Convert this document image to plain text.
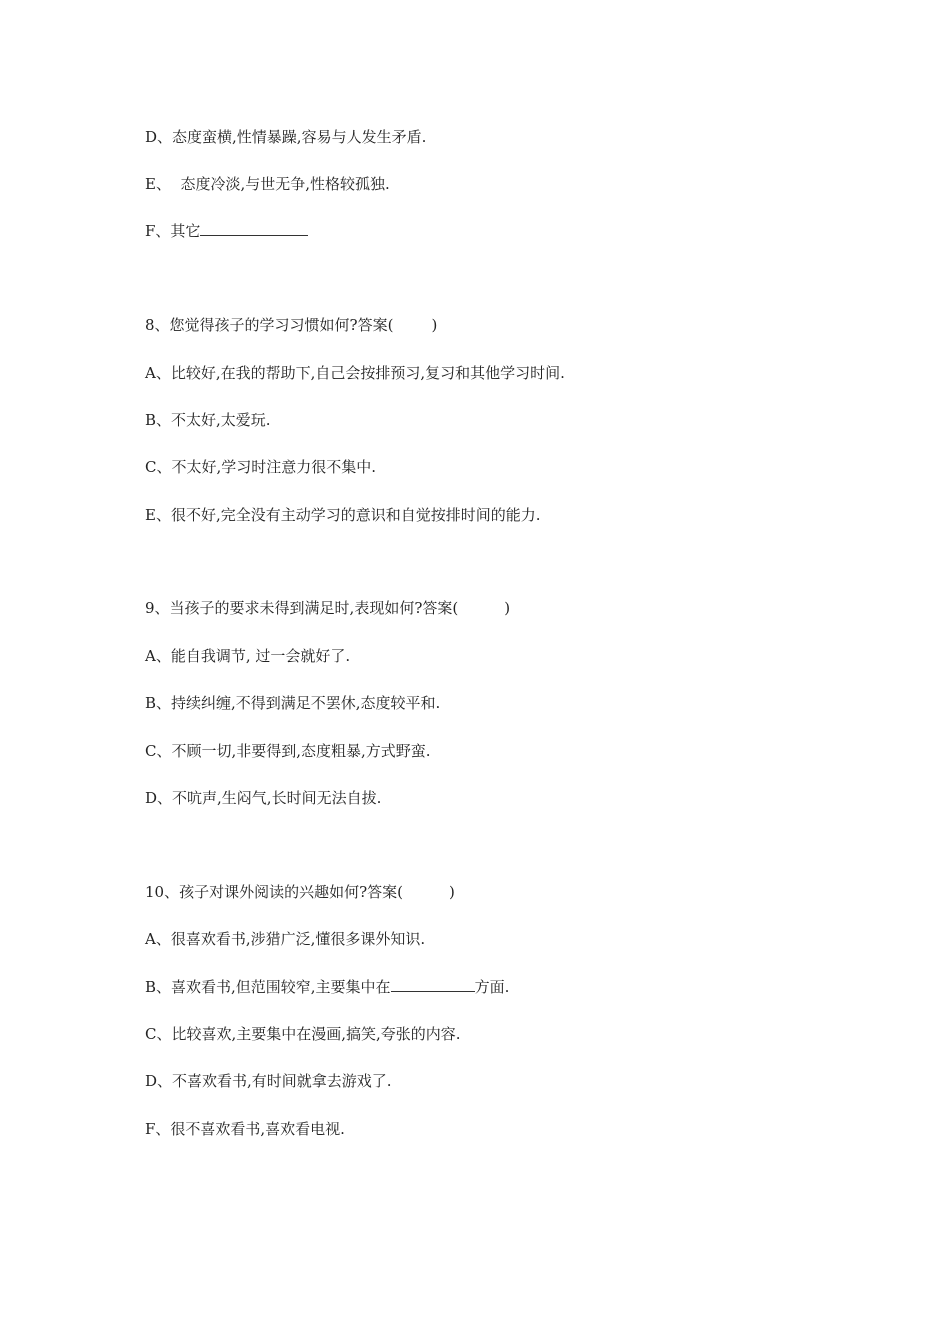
D、态度蛮横,性情暴躁,容易与人发生矛盾.

E、  态度冷淡,与世无争,性格较孤独.

F、其它

8、您觉得孩子的学习习惯如何?答案(	)

A、比较好,在我的帮助下,自己会按排预习,复习和其他学习时间.

B、不太好,太爱玩.

C、不太好,学习时注意力很不集中.

E、很不好,完全没有主动学习的意识和自觉按排时间的能力.

9、当孩子的要求未得到满足时,表现如何?答案(	)

A、能自我调节, 过一会就好了.

B、持续纠缠,不得到满足不罢休,态度较平和.

C、不顾一切,非要得到,态度粗暴,方式野蛮.

D、不吭声,生闷气,长时间无法自拔.

10、孩子对课外阅读的兴趣如何?答案(	)

A、很喜欢看书,涉猎广泛,懂很多课外知识.

B、喜欢看书,但范围较窄,主要集中在	方面.

C、比较喜欢,主要集中在漫画,搞笑,夸张的内容.

D、不喜欢看书,有时间就拿去游戏了.

F、很不喜欢看书,喜欢看电视.
